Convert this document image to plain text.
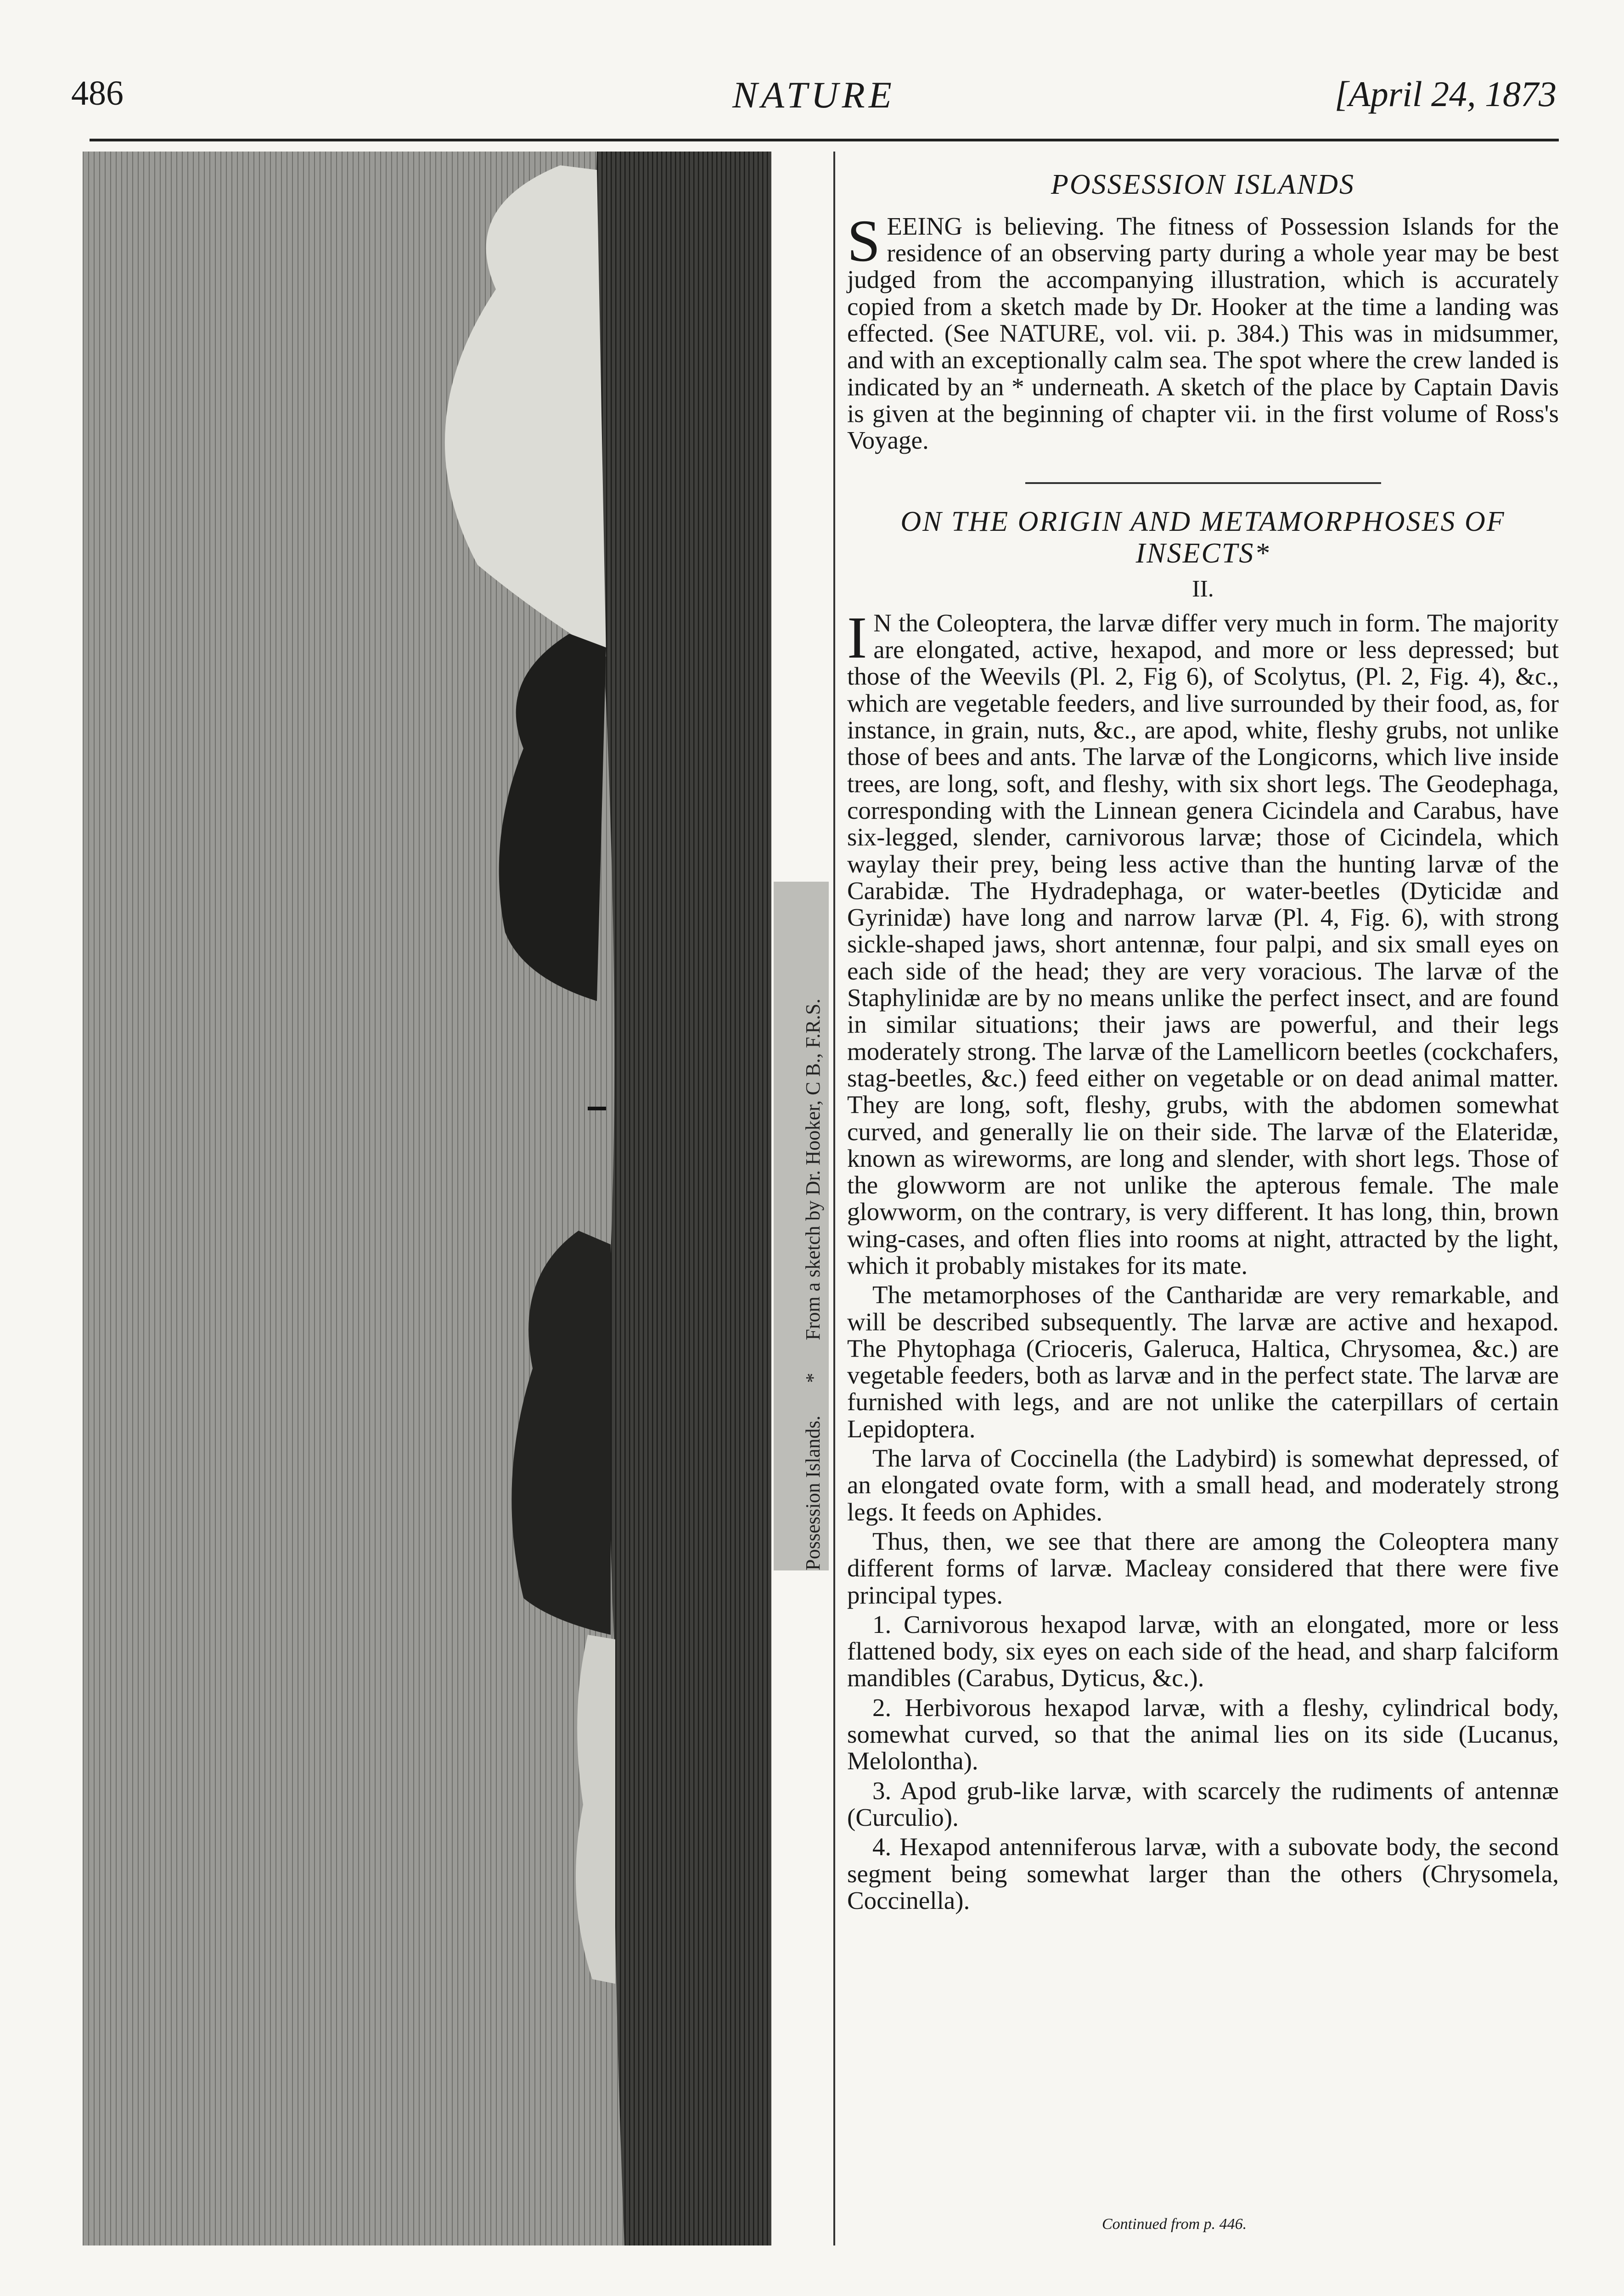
486	NATURE	[April 24, 1873
Possession Islands. * From a sketch by Dr. Hooker, C B., F.R.S.
POSSESSION ISLANDS

S EEING is believing. The fitness of Possession Islands for the residence of an observing party during a whole year may be best judged from the accompanying illustration, which is accurately copied from a sketch made by Dr. Hooker at the time a landing was effected. (See NATURE, vol. vii. p. 384.) This was in midsummer, and with an exceptionally calm sea. The spot where the crew landed is indicated by an * underneath. A sketch of the place by Captain Davis is given at the beginning of chapter vii. in the first volume of Ross's Voyage.

ON THE ORIGIN AND METAMORPHOSES OF
INSECTS*
II.

I N the Coleoptera, the larvæ differ very much in form. The majority are elongated, active, hexapod, and more or less depressed; but those of the Weevils (Pl. 2, Fig 6), of Scolytus, (Pl. 2, Fig. 4), &c., which are vegetable feeders, and live surrounded by their food, as, for instance, in grain, nuts, &c., are apod, white, fleshy grubs, not unlike those of bees and ants. The larvæ of the Longicorns, which live inside trees, are long, soft, and fleshy, with six short legs. The Geodephaga, corresponding with the Linnean genera Cicindela and Carabus, have six-legged, slender, carnivorous larvæ; those of Cicindela, which waylay their prey, being less active than the hunting larvæ of the Carabidæ. The Hydradephaga, or water-beetles (Dyticidæ and Gyrinidæ) have long and narrow larvæ (Pl. 4, Fig. 6), with strong sickle-shaped jaws, short antennæ, four palpi, and six small eyes on each side of the head; they are very voracious. The larvæ of the Staphylinidæ are by no means unlike the perfect insect, and are found in similar situations; their jaws are powerful, and their legs moderately strong. The larvæ of the Lamellicorn beetles (cockchafers, stag-beetles, &c.) feed either on vegetable or on dead animal matter. They are long, soft, fleshy, grubs, with the abdomen somewhat curved, and generally lie on their side. The larvæ of the Elateridæ, known as wireworms, are long and slender, with short legs. Those of the glowworm are not unlike the apterous female. The male glowworm, on the contrary, is very different. It has long, thin, brown wing-cases, and often flies into rooms at night, attracted by the light, which it probably mistakes for its mate.

The metamorphoses of the Cantharidæ are very remarkable, and will be described subsequently. The larvæ are active and hexapod. The Phytophaga (Crioceris, Galeruca, Haltica, Chrysomea, &c.) are vegetable feeders, both as larvæ and in the perfect state. The larvæ are furnished with legs, and are not unlike the caterpillars of certain Lepidoptera.

The larva of Coccinella (the Ladybird) is somewhat depressed, of an elongated ovate form, with a small head, and moderately strong legs. It feeds on Aphides.

Thus, then, we see that there are among the Coleoptera many different forms of larvæ. Macleay considered that there were five principal types.

1. Carnivorous hexapod larvæ, with an elongated, more or less flattened body, six eyes on each side of the head, and sharp falciform mandibles (Carabus, Dyticus, &c.).

2. Herbivorous hexapod larvæ, with a fleshy, cylindrical body, somewhat curved, so that the animal lies on its side (Lucanus, Melolontha).

3. Apod grub-like larvæ, with scarcely the rudiments of antennæ (Curculio).

4. Hexapod antenniferous larvæ, with a subovate body, the second segment being somewhat larger than the others (Chrysomela, Coccinella).

Continued from p. 446.
